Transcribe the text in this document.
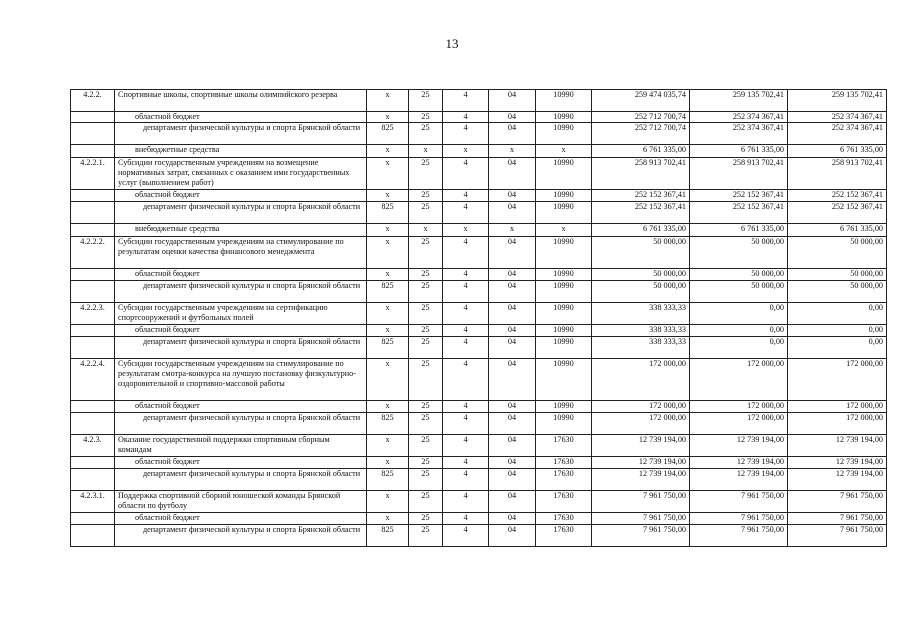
13
4.2.2.	Спортивные школы, спортивные школы олимпийского резерва	х	25	4	04	10990	259 474 035,74	259 135 702,41	259 135 702,41
	областной бюджет	х	25	4	04	10990	252 712 700,74	252 374 367,41	252 374 367,41
	департамент физической культуры и спорта Брянской области	825	25	4	04	10990	252 712 700,74	252 374 367,41	252 374 367,41
	внебюджетные средства	х	х	х	х	х	6 761 335,00	6 761 335,00	6 761 335,00
4.2.2.1.	Субсидии государственным учреждениям на возмещение нормативных затрат, связанных с оказанием ими государственных услуг (выполнением работ)	х	25	4	04	10990	258 913 702,41	258 913 702,41	258 913 702,41
	областной бюджет	х	25	4	04	10990	252 152 367,41	252 152 367,41	252 152 367,41
	департамент физической культуры и спорта Брянской области	825	25	4	04	10990	252 152 367,41	252 152 367,41	252 152 367,41
	внебюджетные средства	х	х	х	х	х	6 761 335,00	6 761 335,00	6 761 335,00
4.2.2.2.	Субсидии государственным учреждениям на стимулирование по результатам оценки качества финансового менеджмента	х	25	4	04	10990	50 000,00	50 000,00	50 000,00
	областной бюджет	х	25	4	04	10990	50 000,00	50 000,00	50 000,00
	департамент физической культуры и спорта Брянской области	825	25	4	04	10990	50 000,00	50 000,00	50 000,00
4.2.2.3.	Субсидии государственным учреждениям на сертификацию спортсооружений и футбольных полей	х	25	4	04	10990	338 333,33	0,00	0,00
	областной бюджет	х	25	4	04	10990	338 333,33	0,00	0,00
	департамент физической культуры и спорта Брянской области	825	25	4	04	10990	338 333,33	0,00	0,00
4.2.2.4.	Субсидии государственным учреждениям на стимулирование по результатам смотра-конкурса на лучшую постановку физкультурно-оздоровительной и спортивно-массовой работы	х	25	4	04	10990	172 000,00	172 000,00	172 000,00
	областной бюджет	х	25	4	04	10990	172 000,00	172 000,00	172 000,00
	департамент физической культуры и спорта Брянской области	825	25	4	04	10990	172 000,00	172 000,00	172 000,00
4.2.3.	Оказание государственной поддержки спортивным сборным командам	х	25	4	04	17630	12 739 194,00	12 739 194,00	12 739 194,00
	областной бюджет	х	25	4	04	17630	12 739 194,00	12 739 194,00	12 739 194,00
	департамент физической культуры и спорта Брянской области	825	25	4	04	17630	12 739 194,00	12 739 194,00	12 739 194,00
4.2.3.1.	Поддержка спортивной сборной юношеской команды Брянской области по футболу	х	25	4	04	17630	7 961 750,00	7 961 750,00	7 961 750,00
	областной бюджет	х	25	4	04	17630	7 961 750,00	7 961 750,00	7 961 750,00
	департамент физической культуры и спорта Брянской области	825	25	4	04	17630	7 961 750,00	7 961 750,00	7 961 750,00
